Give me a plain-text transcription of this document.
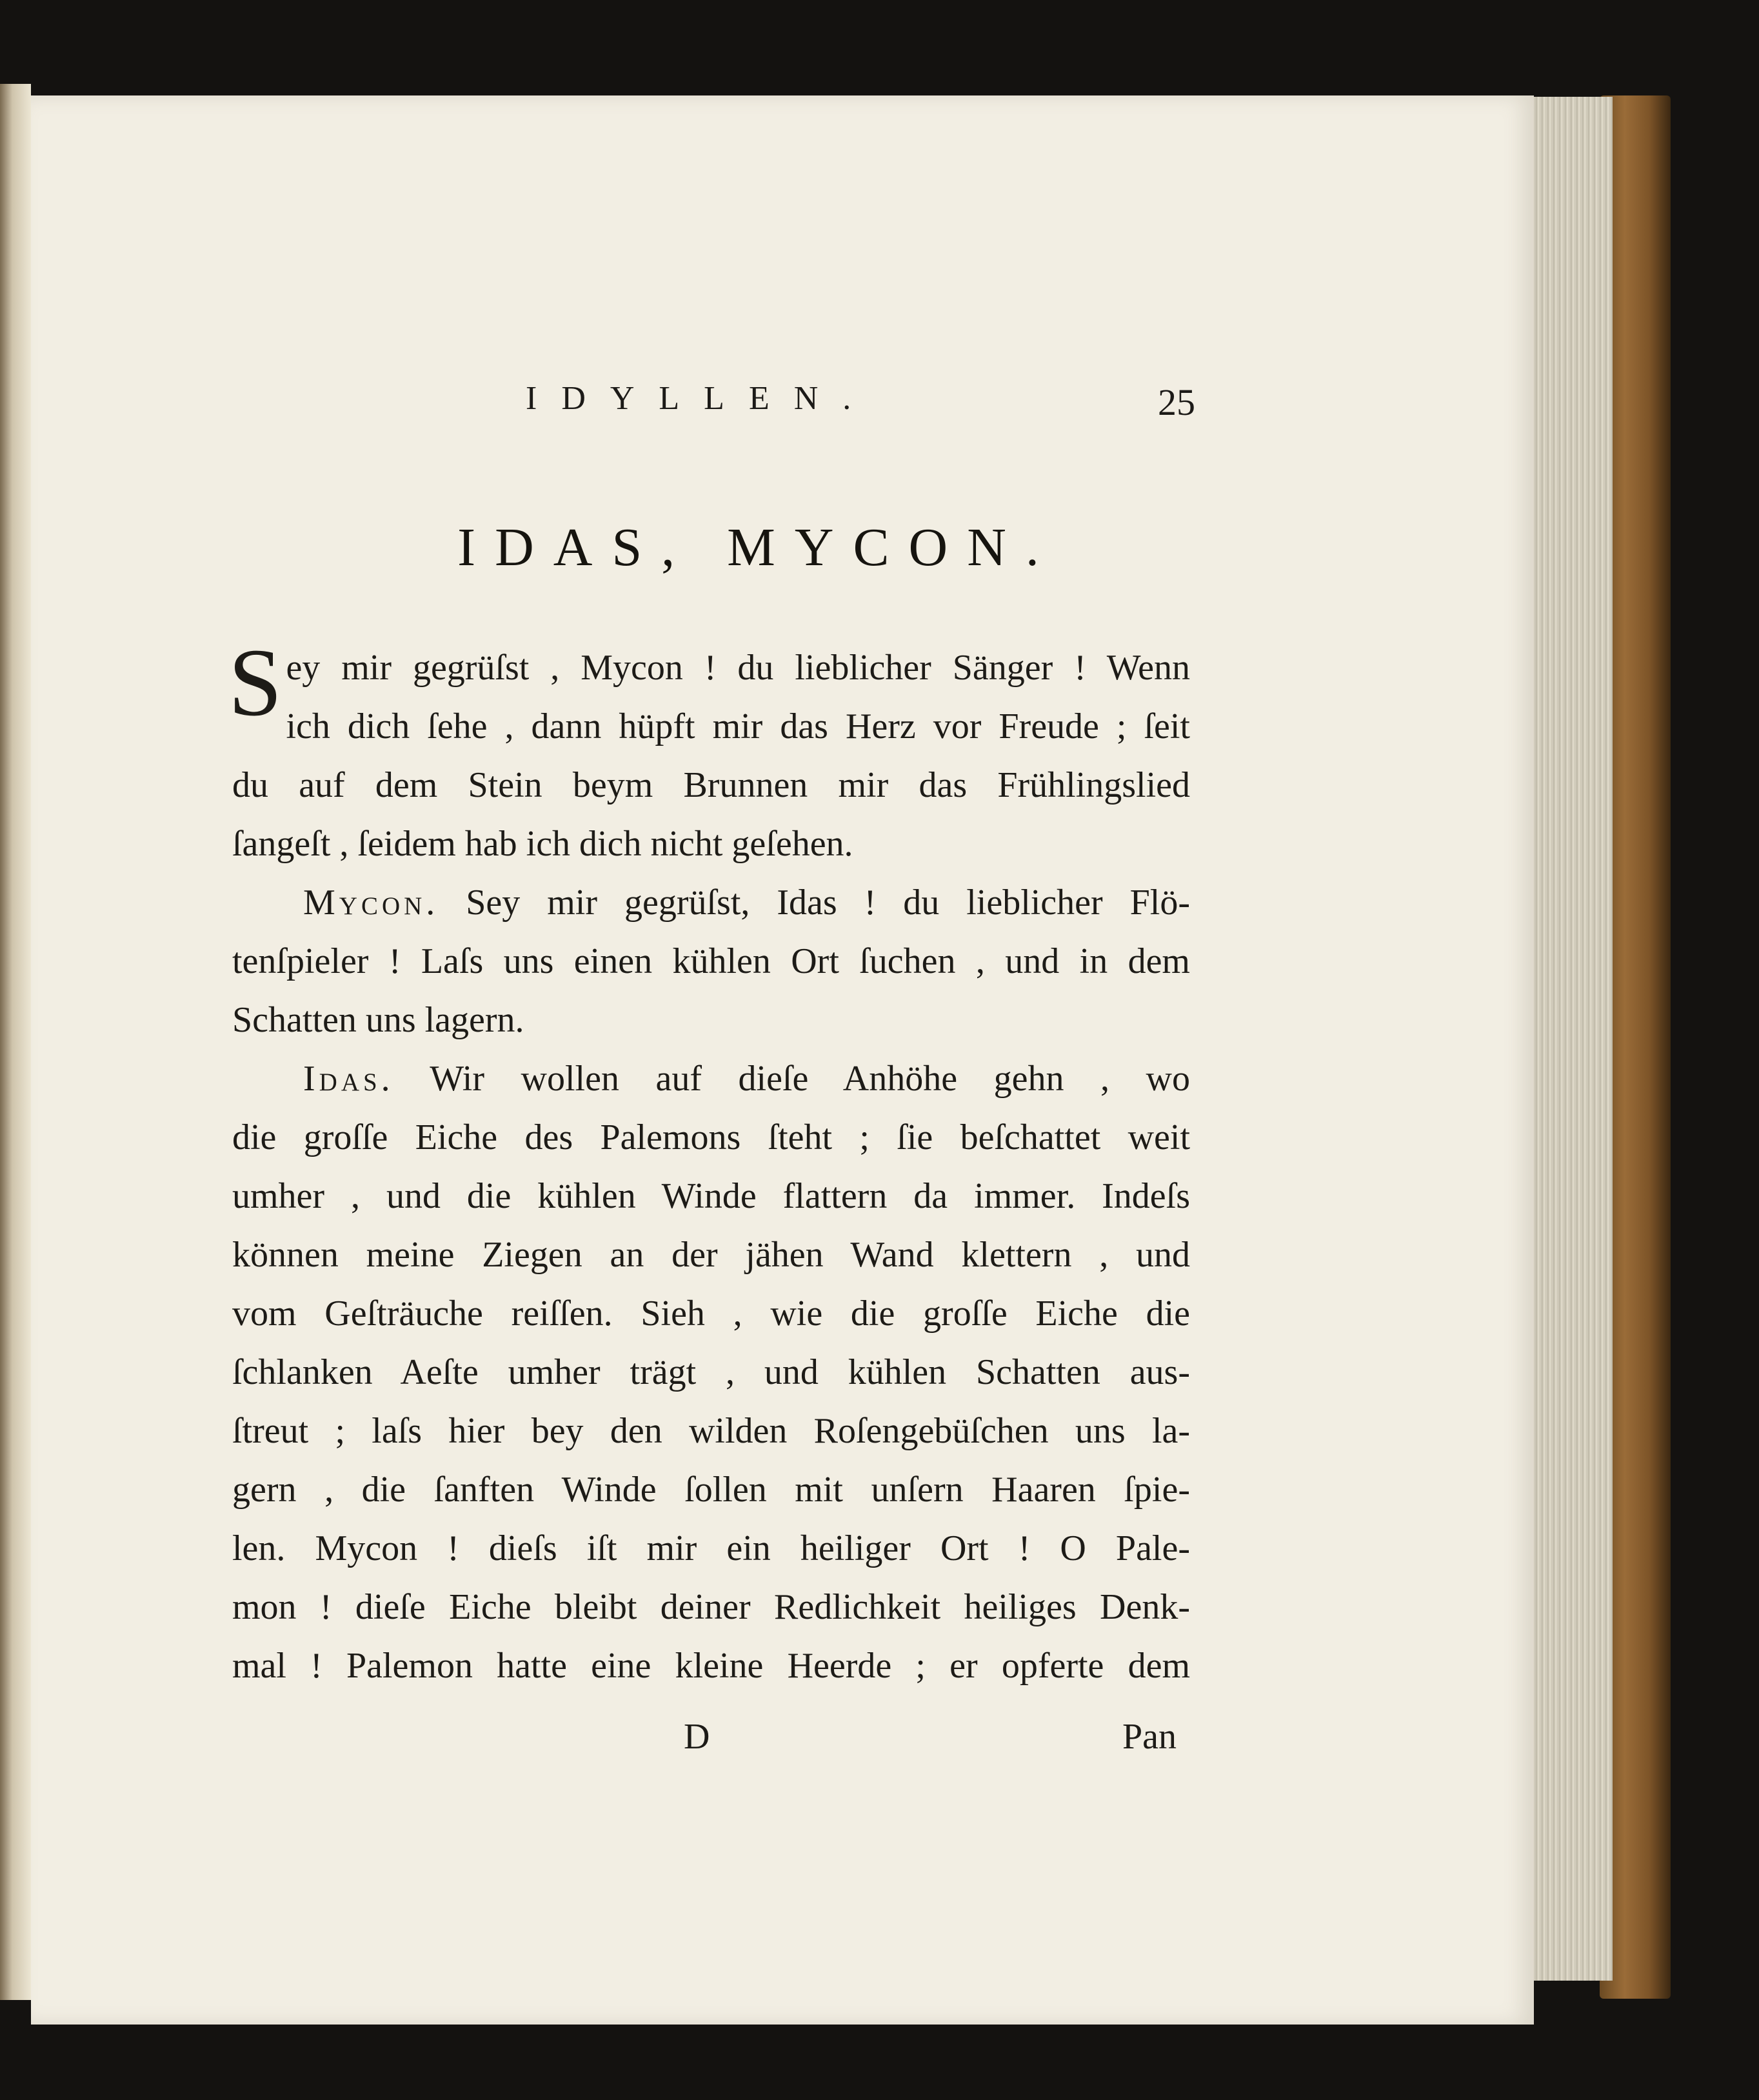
IDYLLEN.	25
IDAS, MYCON.
S ey mir gegrüſst , Mycon ! du lieblicher Sänger ! Wenn
ich dich ſehe , dann hüpft mir das Herz vor Freude ; ſeit
du auf dem Stein beym Brunnen mir das Frühlingslied
ſangeſt , ſeidem hab ich dich nicht geſehen.
Mycon. Sey mir gegrüſst, Idas ! du lieblicher Flö-
tenſpieler ! Laſs uns einen kühlen Ort ſuchen , und in dem
Schatten uns lagern.
Idas. Wir wollen auf dieſe Anhöhe gehn , wo
die groſſe Eiche des Palemons ſteht ; ſie beſchattet weit
umher , und die kühlen Winde flattern da immer. Indeſs
können meine Ziegen an der jähen Wand klettern , und
vom Geſträuche reiſſen. Sieh , wie die groſſe Eiche die
ſchlanken Aeſte umher trägt , und kühlen Schatten aus-
ſtreut ; laſs hier bey den wilden Roſengebüſchen uns la-
gern , die ſanften Winde ſollen mit unſern Haaren ſpie-
len. Mycon ! dieſs iſt mir ein heiliger Ort ! O Pale-
mon ! dieſe Eiche bleibt deiner Redlichkeit heiliges Denk-
mal ! Palemon hatte eine kleine Heerde ; er opferte dem
D	Pan
